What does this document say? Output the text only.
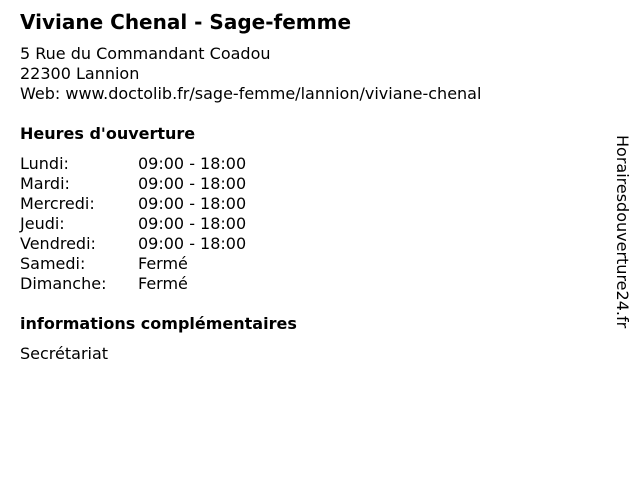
Viviane Chenal - Sage-femme
5 Rue du Commandant Coadou
22300 Lannion
Web: www.doctolib.fr/sage-femme/lannion/viviane-chenal
Heures d'ouverture
Lundi:	09:00 - 18:00
Mardi:	09:00 - 18:00
Mercredi:	09:00 - 18:00
Jeudi:	09:00 - 18:00
Vendredi:	09:00 - 18:00
Samedi:	Fermé
Dimanche:	Fermé
informations complémentaires
Secrétariat
Horairesdouverture24.fr
